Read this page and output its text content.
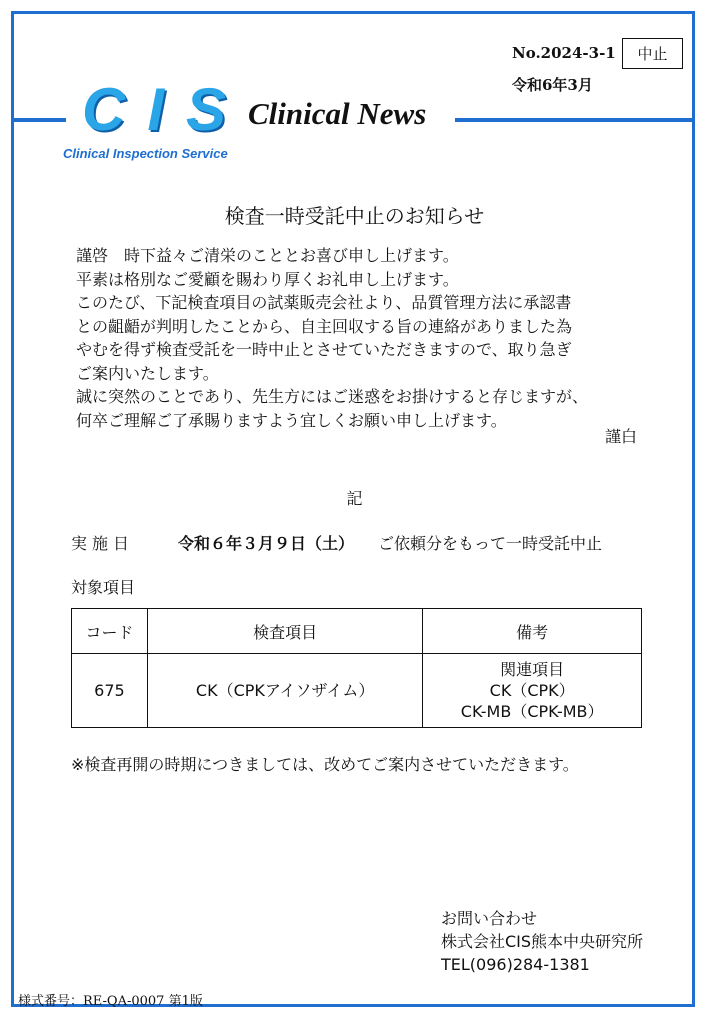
No.2024-3-1	中止
令和6年3月
CIS
Clinical Inspection Service
Clinical News
検査一時受託中止のお知らせ

謹啓　時下益々ご清栄のこととお喜び申し上げます。

平素は格別なご愛顧を賜わり厚くお礼申し上げます。

このたび、下記検査項目の試薬販売会社より、品質管理方法に承認書

との齟齬が判明したことから、自主回収する旨の連絡がありました為

やむを得ず検査受託を一時中止とさせていただきますので、取り急ぎ

ご案内いたします。

誠に突然のことであり、先生方にはご迷惑をお掛けすると存じますが、

何卒ご理解ご了承賜りますよう宜しくお願い申し上げます。

謹白
記
実施日	令和６年３月９日（土） ご依頼分をもって一時受託中止
対象項目
コード	検査項目	備考
675	CK（CPKアイソザイム）	関連項目
CK（CPK）
CK-MB（CPK-MB）
※検査再開の時期につきましては、改めてご案内させていただきます。
お問い合わせ
株式会社CIS熊本中央研究所
TEL(096)284-1381
様式番号：RE-QA-0007 第1版
